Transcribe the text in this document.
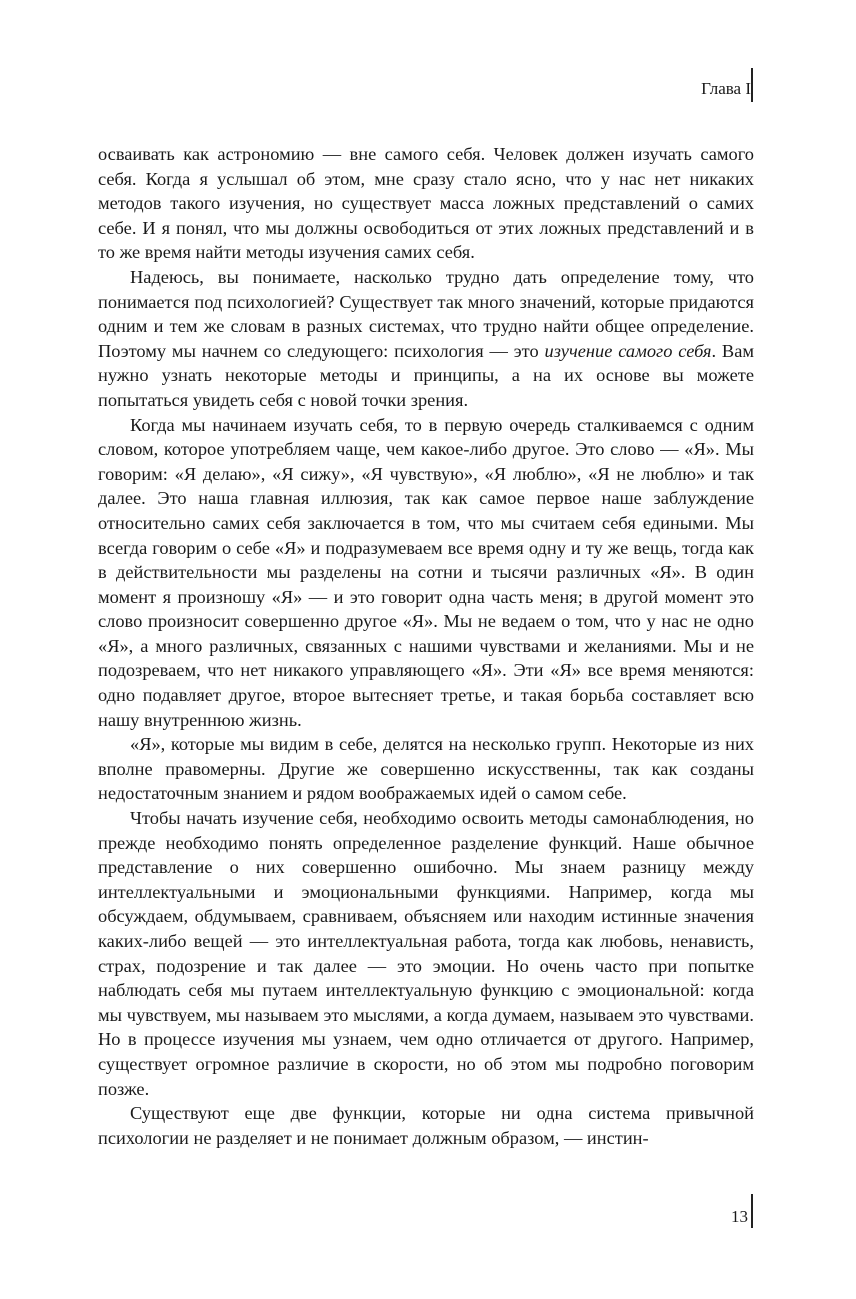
Глава I

осваивать как астрономию — вне самого себя. Человек должен изучать самого себя. Когда я услышал об этом, мне сразу стало ясно, что у нас нет никаких методов такого изучения, но существует масса ложных представлений о самих себе. И я понял, что мы должны освободиться от этих ложных представлений и в то же время найти методы изучения самих себя.

Надеюсь, вы понимаете, насколько трудно дать определение тому, что понимается под психологией? Существует так много значений, которые придаются одним и тем же словам в разных системах, что трудно найти общее определение. Поэтому мы начнем со следующего: психология — это изучение самого себя. Вам нужно узнать некоторые методы и принципы, а на их основе вы можете попытаться увидеть себя с новой точки зрения.

Когда мы начинаем изучать себя, то в первую очередь сталкиваемся с одним словом, которое употребляем чаще, чем какое-либо другое. Это слово — «Я». Мы говорим: «Я делаю», «Я сижу», «Я чувствую», «Я люблю», «Я не люблю» и так далее. Это наша главная иллюзия, так как самое первое наше заблуждение относительно самих себя заключается в том, что мы считаем себя едиными. Мы всегда говорим о себе «Я» и подразумеваем все время одну и ту же вещь, тогда как в действительности мы разделены на сотни и тысячи различных «Я». В один момент я произношу «Я» — и это говорит одна часть меня; в другой момент это слово произносит совершенно другое «Я». Мы не ведаем о том, что у нас не одно «Я», а много различных, связанных с нашими чувствами и желаниями. Мы и не подозреваем, что нет никакого управляющего «Я». Эти «Я» все время меняются: одно подавляет другое, второе вытесняет третье, и такая борьба составляет всю нашу внутреннюю жизнь.

«Я», которые мы видим в себе, делятся на несколько групп. Некоторые из них вполне правомерны. Другие же совершенно искусственны, так как созданы недостаточным знанием и рядом воображаемых идей о самом себе.

Чтобы начать изучение себя, необходимо освоить методы самонаблюдения, но прежде необходимо понять определенное разделение функций. Наше обычное представление о них совершенно ошибочно. Мы знаем разницу между интеллектуальными и эмоциональными функциями. Например, когда мы обсуждаем, обдумываем, сравниваем, объясняем или находим истинные значения каких-либо вещей — это интеллектуальная работа, тогда как любовь, ненависть, страх, подозрение и так далее — это эмоции. Но очень часто при попытке наблюдать себя мы путаем интеллектуальную функцию с эмоциональной: когда мы чувствуем, мы называем это мыслями, а когда думаем, называем это чувствами. Но в процессе изучения мы узнаем, чем одно отличается от другого. Например, существует огромное различие в скорости, но об этом мы подробно поговорим позже.

Существуют еще две функции, которые ни одна система привычной психологии не разделяет и не понимает должным образом, — инстин-

13
